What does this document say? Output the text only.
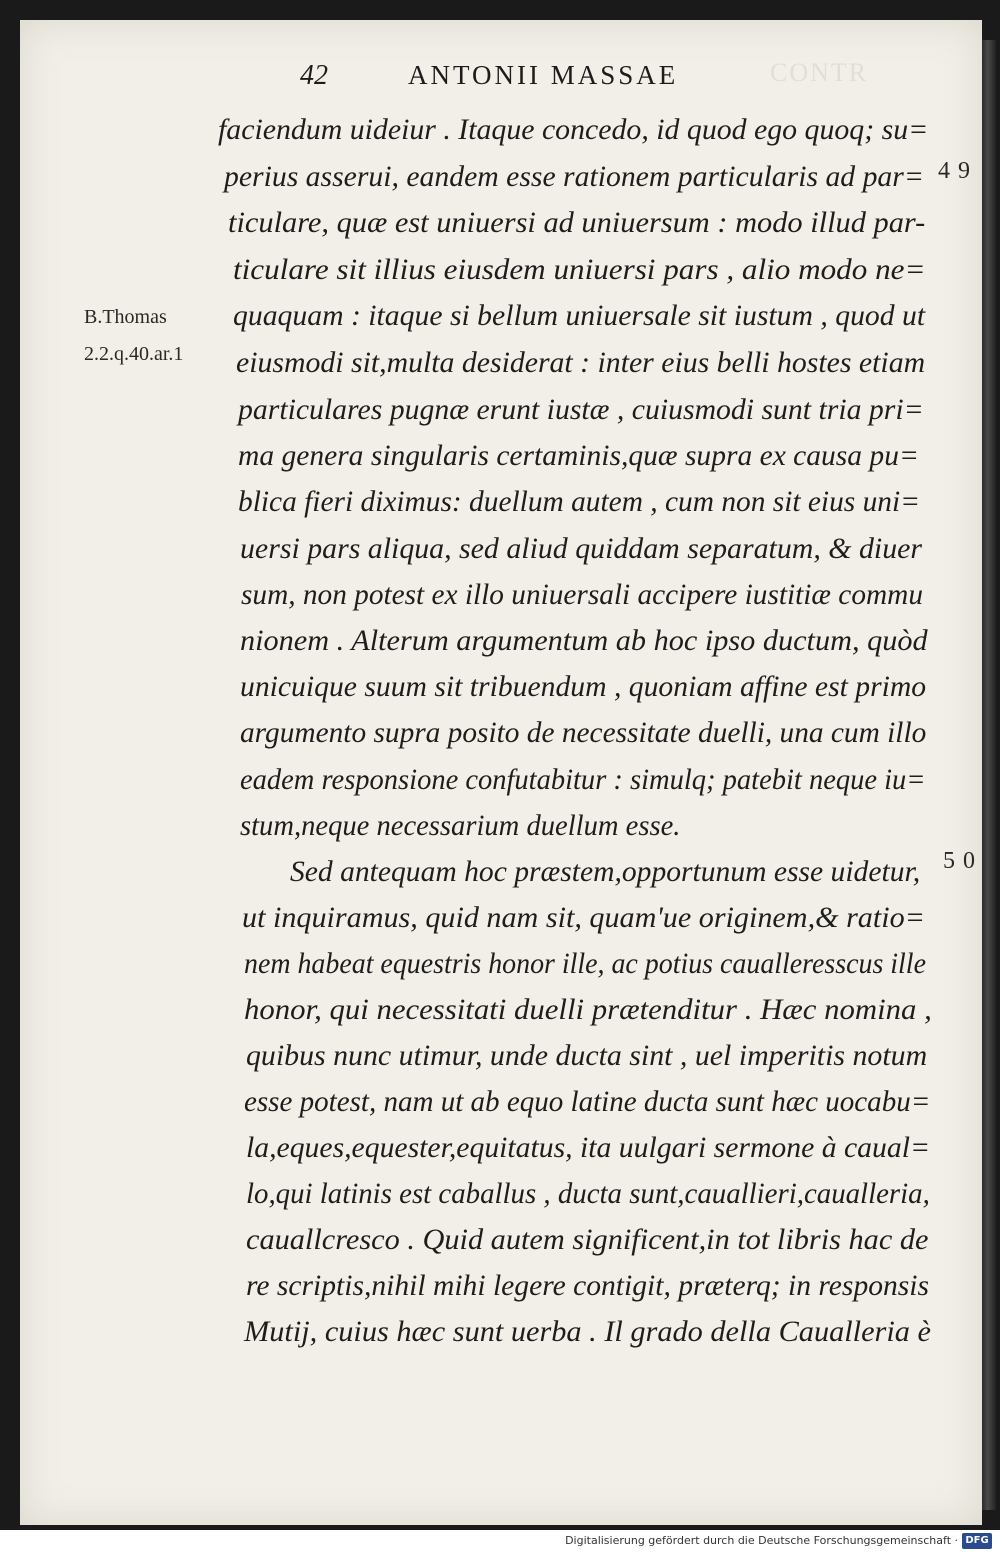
CONTR
42	ANTONII MASSAE
B.Thomas
2.2.q.40.ar.1
49
50
faciendum uideiur . Itaque concedo, id quod ego quoq; su=
perius asserui, eandem esse rationem particularis ad par=
ticulare, quæ est uniuersi ad uniuersum : modo illud par-
ticulare sit illius eiusdem uniuersi pars , alio modo ne=
quaquam : itaque si bellum uniuersale sit iustum , quod ut
eiusmodi sit,multa desiderat : inter eius belli hostes etiam
particulares pugnæ erunt iustæ , cuiusmodi sunt tria pri=
ma genera singularis certaminis,quæ supra ex causa pu=
blica fieri diximus: duellum autem , cum non sit eius uni=
uersi pars aliqua, sed aliud quiddam separatum, & diuer
sum, non potest ex illo uniuersali accipere iustitiæ commu
nionem . Alterum argumentum ab hoc ipso ductum, quòd
unicuique suum sit tribuendum , quoniam affine est primo
argumento supra posito de necessitate duelli, una cum illo
eadem responsione confutabitur : simulq; patebit neque iu=
stum,neque necessarium duellum esse.
Sed antequam hoc præstem,opportunum esse uidetur,
ut inquiramus, quid nam sit, quam'ue originem,& ratio=
nem habeat equestris honor ille, ac potius caualleresscus ille
honor, qui necessitati duelli prætenditur . Hæc nomina ,
quibus nunc utimur, unde ducta sint , uel imperitis notum
esse potest, nam ut ab equo latine ducta sunt hæc uocabu=
la,eques,equester,equitatus, ita uulgari sermone à caual=
lo,qui latinis est caballus , ducta sunt,cauallieri,caualleria,
cauallcresco . Quid autem significent,in tot libris hac de
re scriptis,nihil mihi legere contigit, præterq; in responsis
Mutij, cuius hæc sunt uerba . Il grado della Caualleria è
Digitalisierung gefördert durch die Deutsche Forschungsgemeinschaft · DFG
